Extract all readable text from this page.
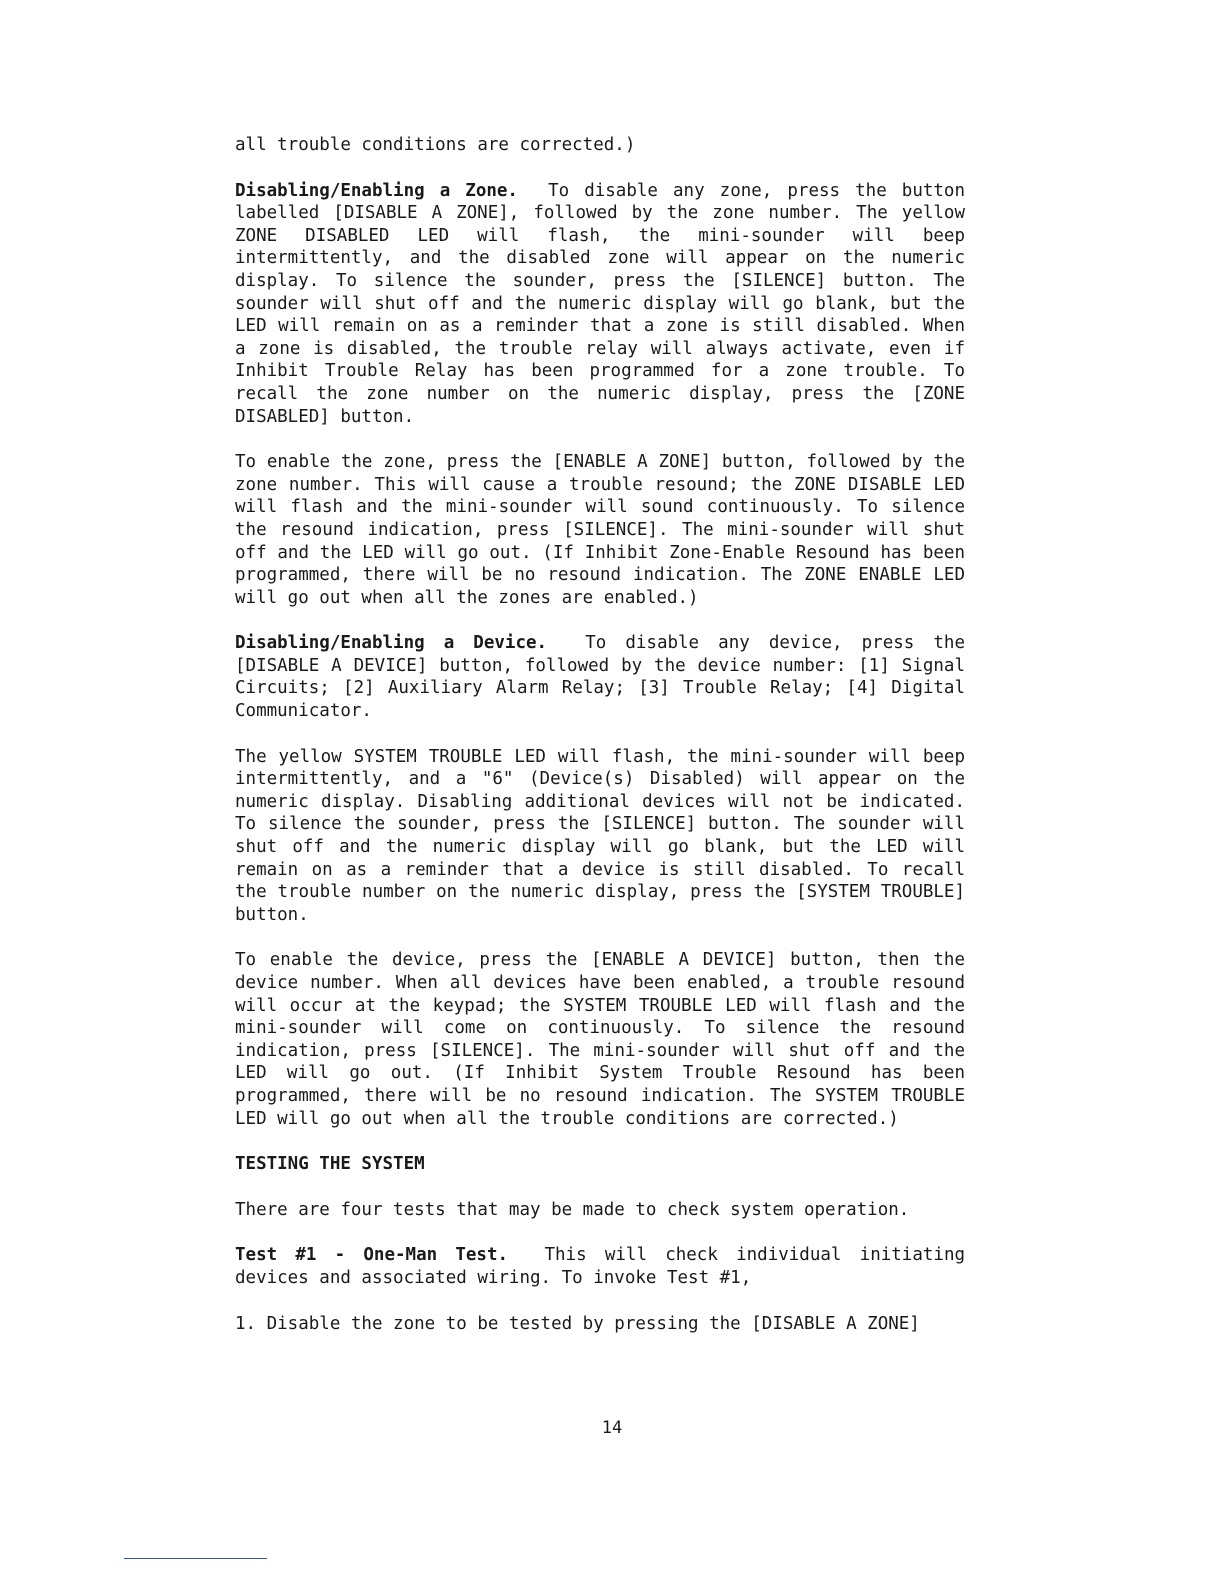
all trouble conditions are corrected.)

Disabling/Enabling a Zone. To disable any zone, press the button labelled [DISABLE A ZONE], followed by the zone number. The yellow ZONE DISABLED LED will flash, the mini-sounder will beep intermittently, and the disabled zone will appear on the numeric display. To silence the sounder, press the [SILENCE] button. The sounder will shut off and the numeric display will go blank, but the LED will remain on as a reminder that a zone is still disabled. When a zone is disabled, the trouble relay will always activate, even if Inhibit Trouble Relay has been programmed for a zone trouble. To recall the zone number on the numeric display, press the [ZONE DISABLED] button.

To enable the zone, press the [ENABLE A ZONE] button, followed by the zone number. This will cause a trouble resound; the ZONE DISABLE LED will flash and the mini-sounder will sound continuously. To silence the resound indication, press [SILENCE]. The mini-sounder will shut off and the LED will go out. (If Inhibit Zone-Enable Resound has been programmed, there will be no resound indication. The ZONE ENABLE LED will go out when all the zones are enabled.)

Disabling/Enabling a Device. To disable any device, press the [DISABLE A DEVICE] button, followed by the device number: [1] Signal Circuits; [2] Auxiliary Alarm Relay; [3] Trouble Relay; [4] Digital Communicator.

The yellow SYSTEM TROUBLE LED will flash, the mini-sounder will beep intermittently, and a "6" (Device(s) Disabled) will appear on the numeric display. Disabling additional devices will not be indicated. To silence the sounder, press the [SILENCE] button. The sounder will shut off and the numeric display will go blank, but the LED will remain on as a reminder that a device is still disabled. To recall the trouble number on the numeric display, press the [SYSTEM TROUBLE] button.

To enable the device, press the [ENABLE A DEVICE] button, then the device number. When all devices have been enabled, a trouble resound will occur at the keypad; the SYSTEM TROUBLE LED will flash and the mini-sounder will come on continuously. To silence the resound indication, press [SILENCE]. The mini-sounder will shut off and the LED will go out. (If Inhibit System Trouble Resound has been programmed, there will be no resound indication. The SYSTEM TROUBLE LED will go out when all the trouble conditions are corrected.)

TESTING THE SYSTEM

There are four tests that may be made to check system operation.

Test #1 - One-Man Test. This will check individual initiating devices and associated wiring. To invoke Test #1,

1. Disable the zone to be tested by pressing the [DISABLE A ZONE]

14
